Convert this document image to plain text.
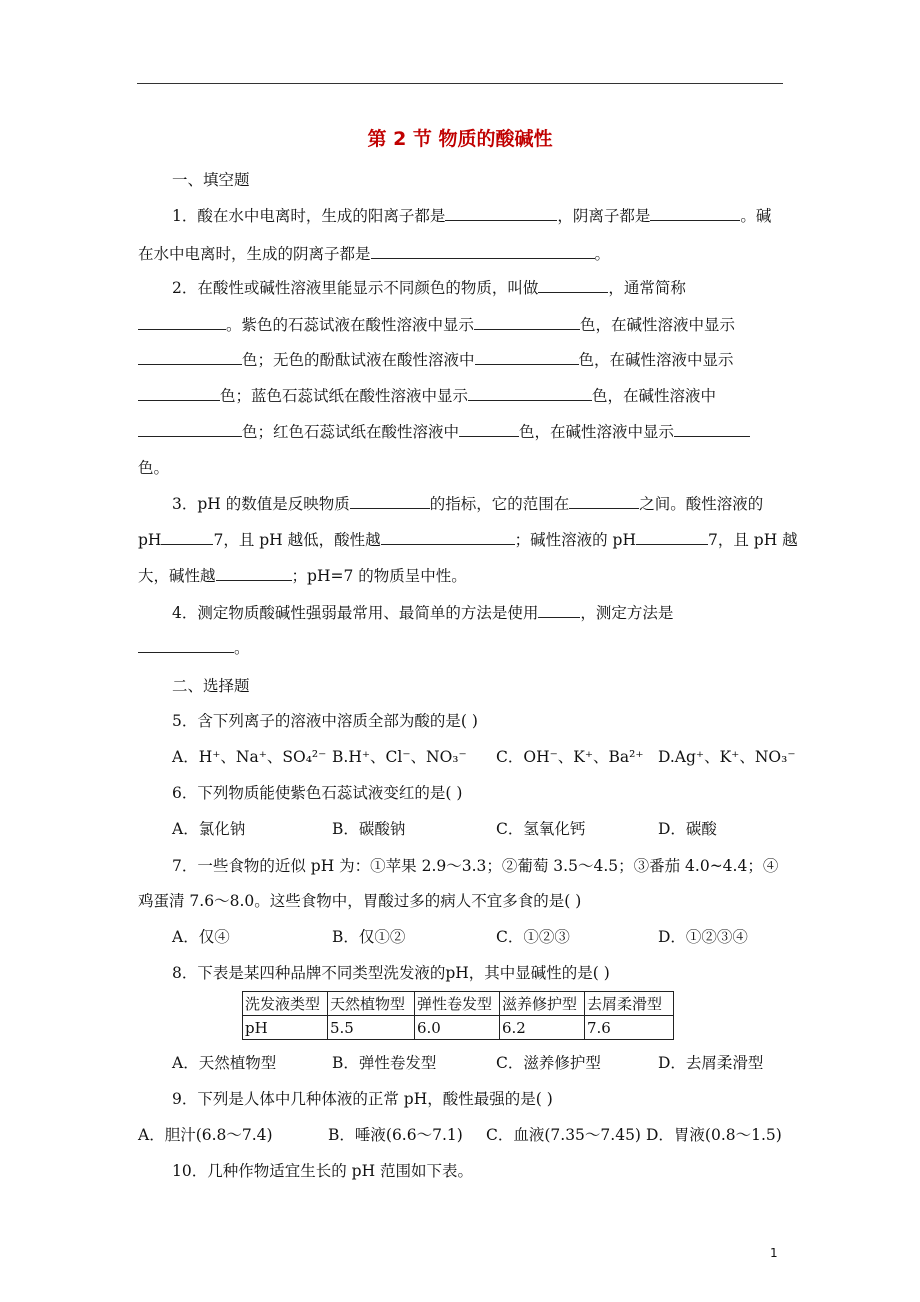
第 2 节 物质的酸碱性
一、填空题
1．酸在水中电离时，生成的阳离子都是	，阴离子都是	。碱
在水中电离时，生成的阴离子都是	。
2．在酸性或碱性溶液里能显示不同颜色的物质，叫做	，通常简称
。紫色的石蕊试液在酸性溶液中显示	色，在碱性溶液中显示
色；无色的酚酞试液在酸性溶液中	色，在碱性溶液中显示
色；蓝色石蕊试纸在酸性溶液中显示	色，在碱性溶液中
色；红色石蕊试纸在酸性溶液中	色，在碱性溶液中显示
色。
3．pH 的数值是反映物质	的指标，它的范围在	之间。酸性溶液的
pH	7，且 pH 越低，酸性越	；碱性溶液的 pH	7，且 pH 越
大，碱性越	；pH=7 的物质呈中性。
4．测定物质酸碱性强弱最常用、最简单的方法是使用	，测定方法是
。
二、选择题
5．含下列离子的溶液中溶质全部为酸的是( )
A．H⁺、Na⁺、SO₄²⁻ B.H⁺、Cl⁻、NO₃⁻ C．OH⁻、K⁺、Ba²⁺ D.Ag⁺、K⁺、NO₃⁻
6．下列物质能使紫色石蕊试液变红的是( )
A．氯化钠	B．碳酸钠	C．氢氧化钙	D．碳酸
7．一些食物的近似 pH 为：①苹果 2.9～3.3；②葡萄 3.5～4.5；③番茄 4.0~4.4；④
鸡蛋清 7.6～8.0。这些食物中，胃酸过多的病人不宜多食的是( )
A．仅④	B．仅①②	C．①②③	D．①②③④
8．下表是某四种品牌不同类型洗发液的pH，其中显碱性的是( )
洗发液类型	天然植物型	弹性卷发型	滋养修护型	去屑柔滑型
pH	5.5	6.0	6.2	7.6
A．天然植物型	B．弹性卷发型	C．滋养修护型	D．去屑柔滑型
9．下列是人体中几种体液的正常 pH，酸性最强的是( )
A．胆汁(6.8～7.4)	B．唾液(6.6～7.1) C．血液(7.35～7.45) D．胃液(0.8～1.5)
10．几种作物适宜生长的 pH 范围如下表。
1
